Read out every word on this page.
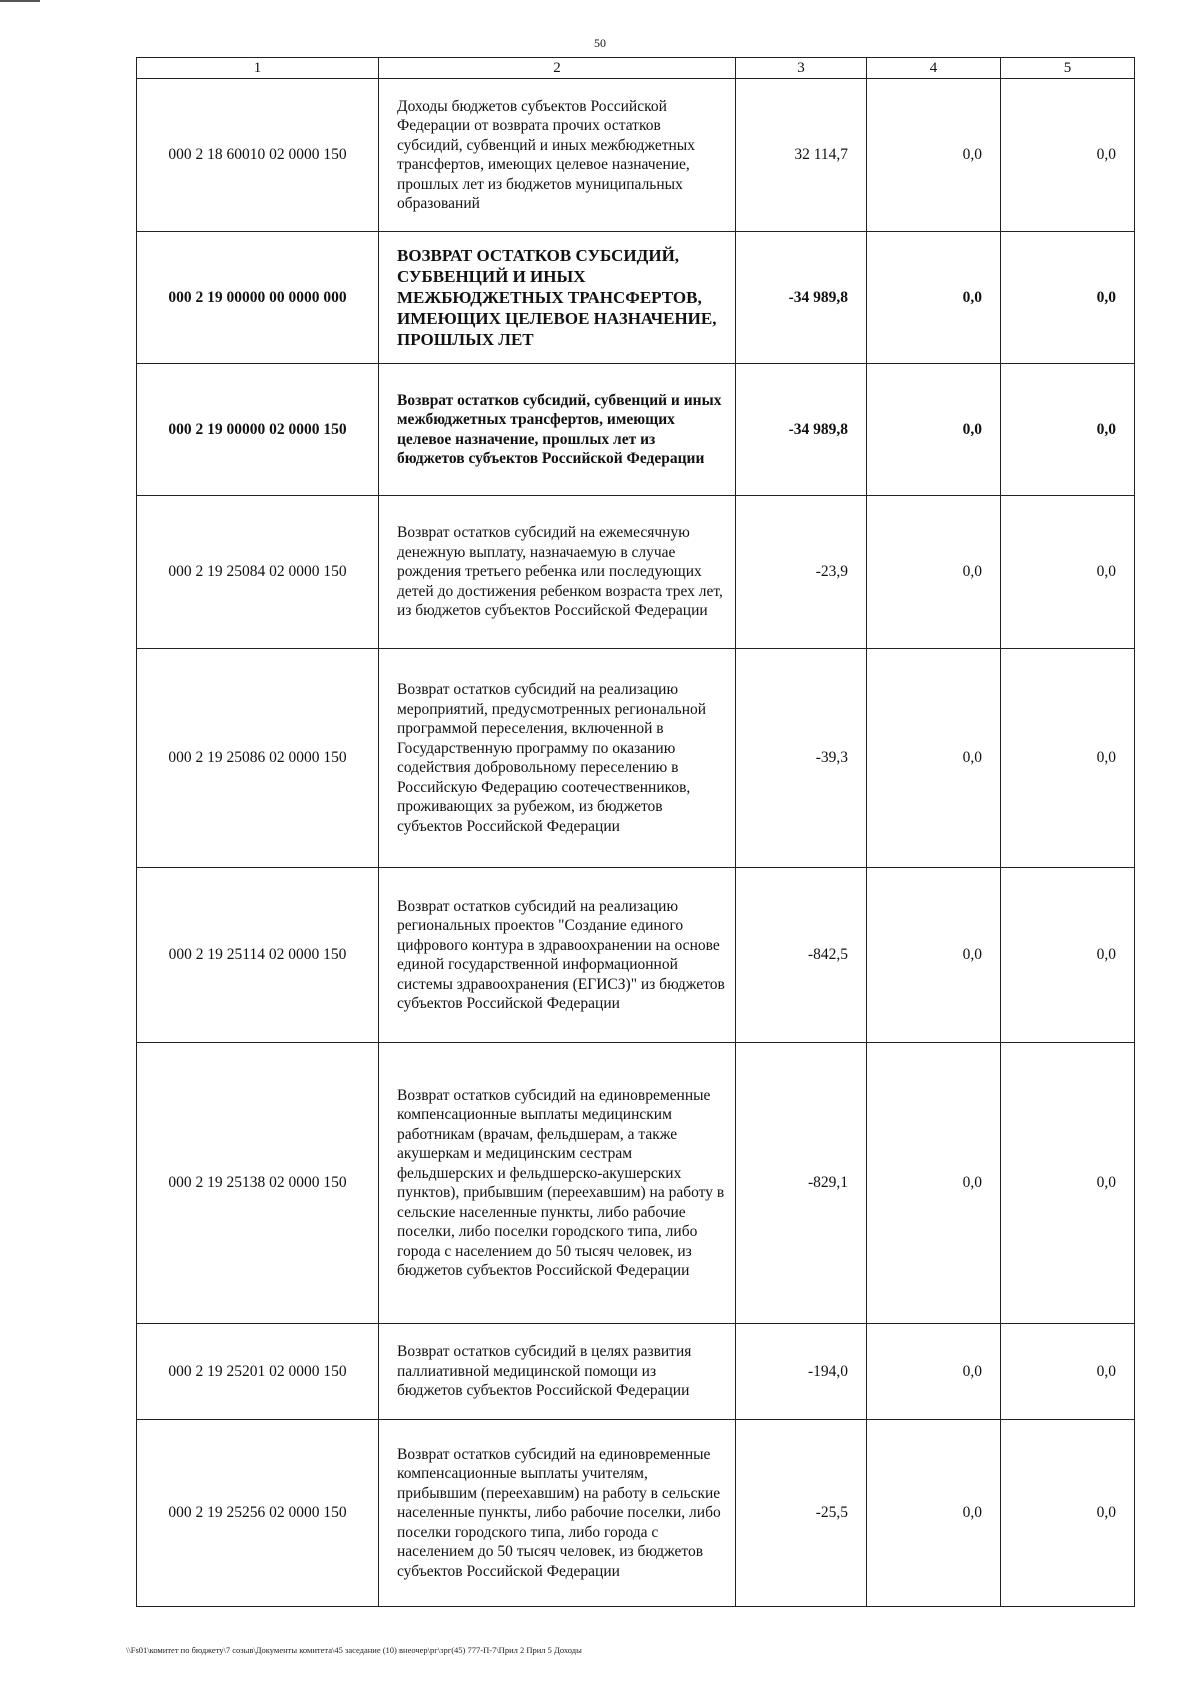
50
1	2	3	4	5
000 2 18 60010 02 0000 150	Доходы бюджетов субъектов Российской Федерации от возврата прочих остатков субсидий, субвенций и иных межбюджетных трансфертов, имеющих целевое назначение, прошлых лет из бюджетов муниципальных образований	32 114,7	0,0	0,0
000 2 19 00000 00 0000 000	ВОЗВРАТ ОСТАТКОВ СУБСИДИЙ, СУБВЕНЦИЙ И ИНЫХ МЕЖБЮДЖЕТНЫХ ТРАНСФЕРТОВ, ИМЕЮЩИХ ЦЕЛЕВОЕ НАЗНАЧЕНИЕ, ПРОШЛЫХ ЛЕТ	-34 989,8	0,0	0,0
000 2 19 00000 02 0000 150	Возврат остатков субсидий, субвенций и иных межбюджетных трансфертов, имеющих целевое назначение, прошлых лет из бюджетов субъектов Российской Федерации	-34 989,8	0,0	0,0
000 2 19 25084 02 0000 150	Возврат остатков субсидий на ежемесячную денежную выплату, назначаемую в случае рождения третьего ребенка или последующих детей до достижения ребенком возраста трех лет, из бюджетов субъектов Российской Федерации	-23,9	0,0	0,0
000 2 19 25086 02 0000 150	Возврат остатков субсидий на реализацию мероприятий, предусмотренных региональной программой переселения, включенной в Государственную программу по оказанию содействия добровольному переселению в Российскую Федерацию соотечественников, проживающих за рубежом, из бюджетов субъектов Российской Федерации	-39,3	0,0	0,0
000 2 19 25114 02 0000 150	Возврат остатков субсидий на реализацию региональных проектов "Создание единого цифрового контура в здравоохранении на основе единой государственной информационной системы здравоохранения (ЕГИСЗ)" из бюджетов субъектов Российской Федерации	-842,5	0,0	0,0
000 2 19 25138 02 0000 150	Возврат остатков субсидий на единовременные компенсационные выплаты медицинским работникам (врачам, фельдшерам, а также акушеркам и медицинским сестрам фельдшерских и фельдшерско-акушерских пунктов), прибывшим (переехавшим) на работу в сельские населенные пункты, либо рабочие поселки, либо поселки городского типа, либо города с населением до 50 тысяч человек, из бюджетов субъектов Российской Федерации	-829,1	0,0	0,0
000 2 19 25201 02 0000 150	Возврат остатков субсидий в целях развития паллиативной медицинской помощи из бюджетов субъектов Российской Федерации	-194,0	0,0	0,0
000 2 19 25256 02 0000 150	Возврат остатков субсидий на единовременные компенсационные выплаты учителям, прибывшим (переехавшим) на работу в сельские населенные пункты, либо рабочие поселки, либо поселки городского типа, либо города с населением до 50 тысяч человек, из бюджетов субъектов Российской Федерации	-25,5	0,0	0,0
\\Fs01\комитет по бюджету\7 созыв\Документы комитета\45 заседание (10) внеочер\рг\зрг(45) 777-П-7\Прил 2 Прил 5 Доходы
